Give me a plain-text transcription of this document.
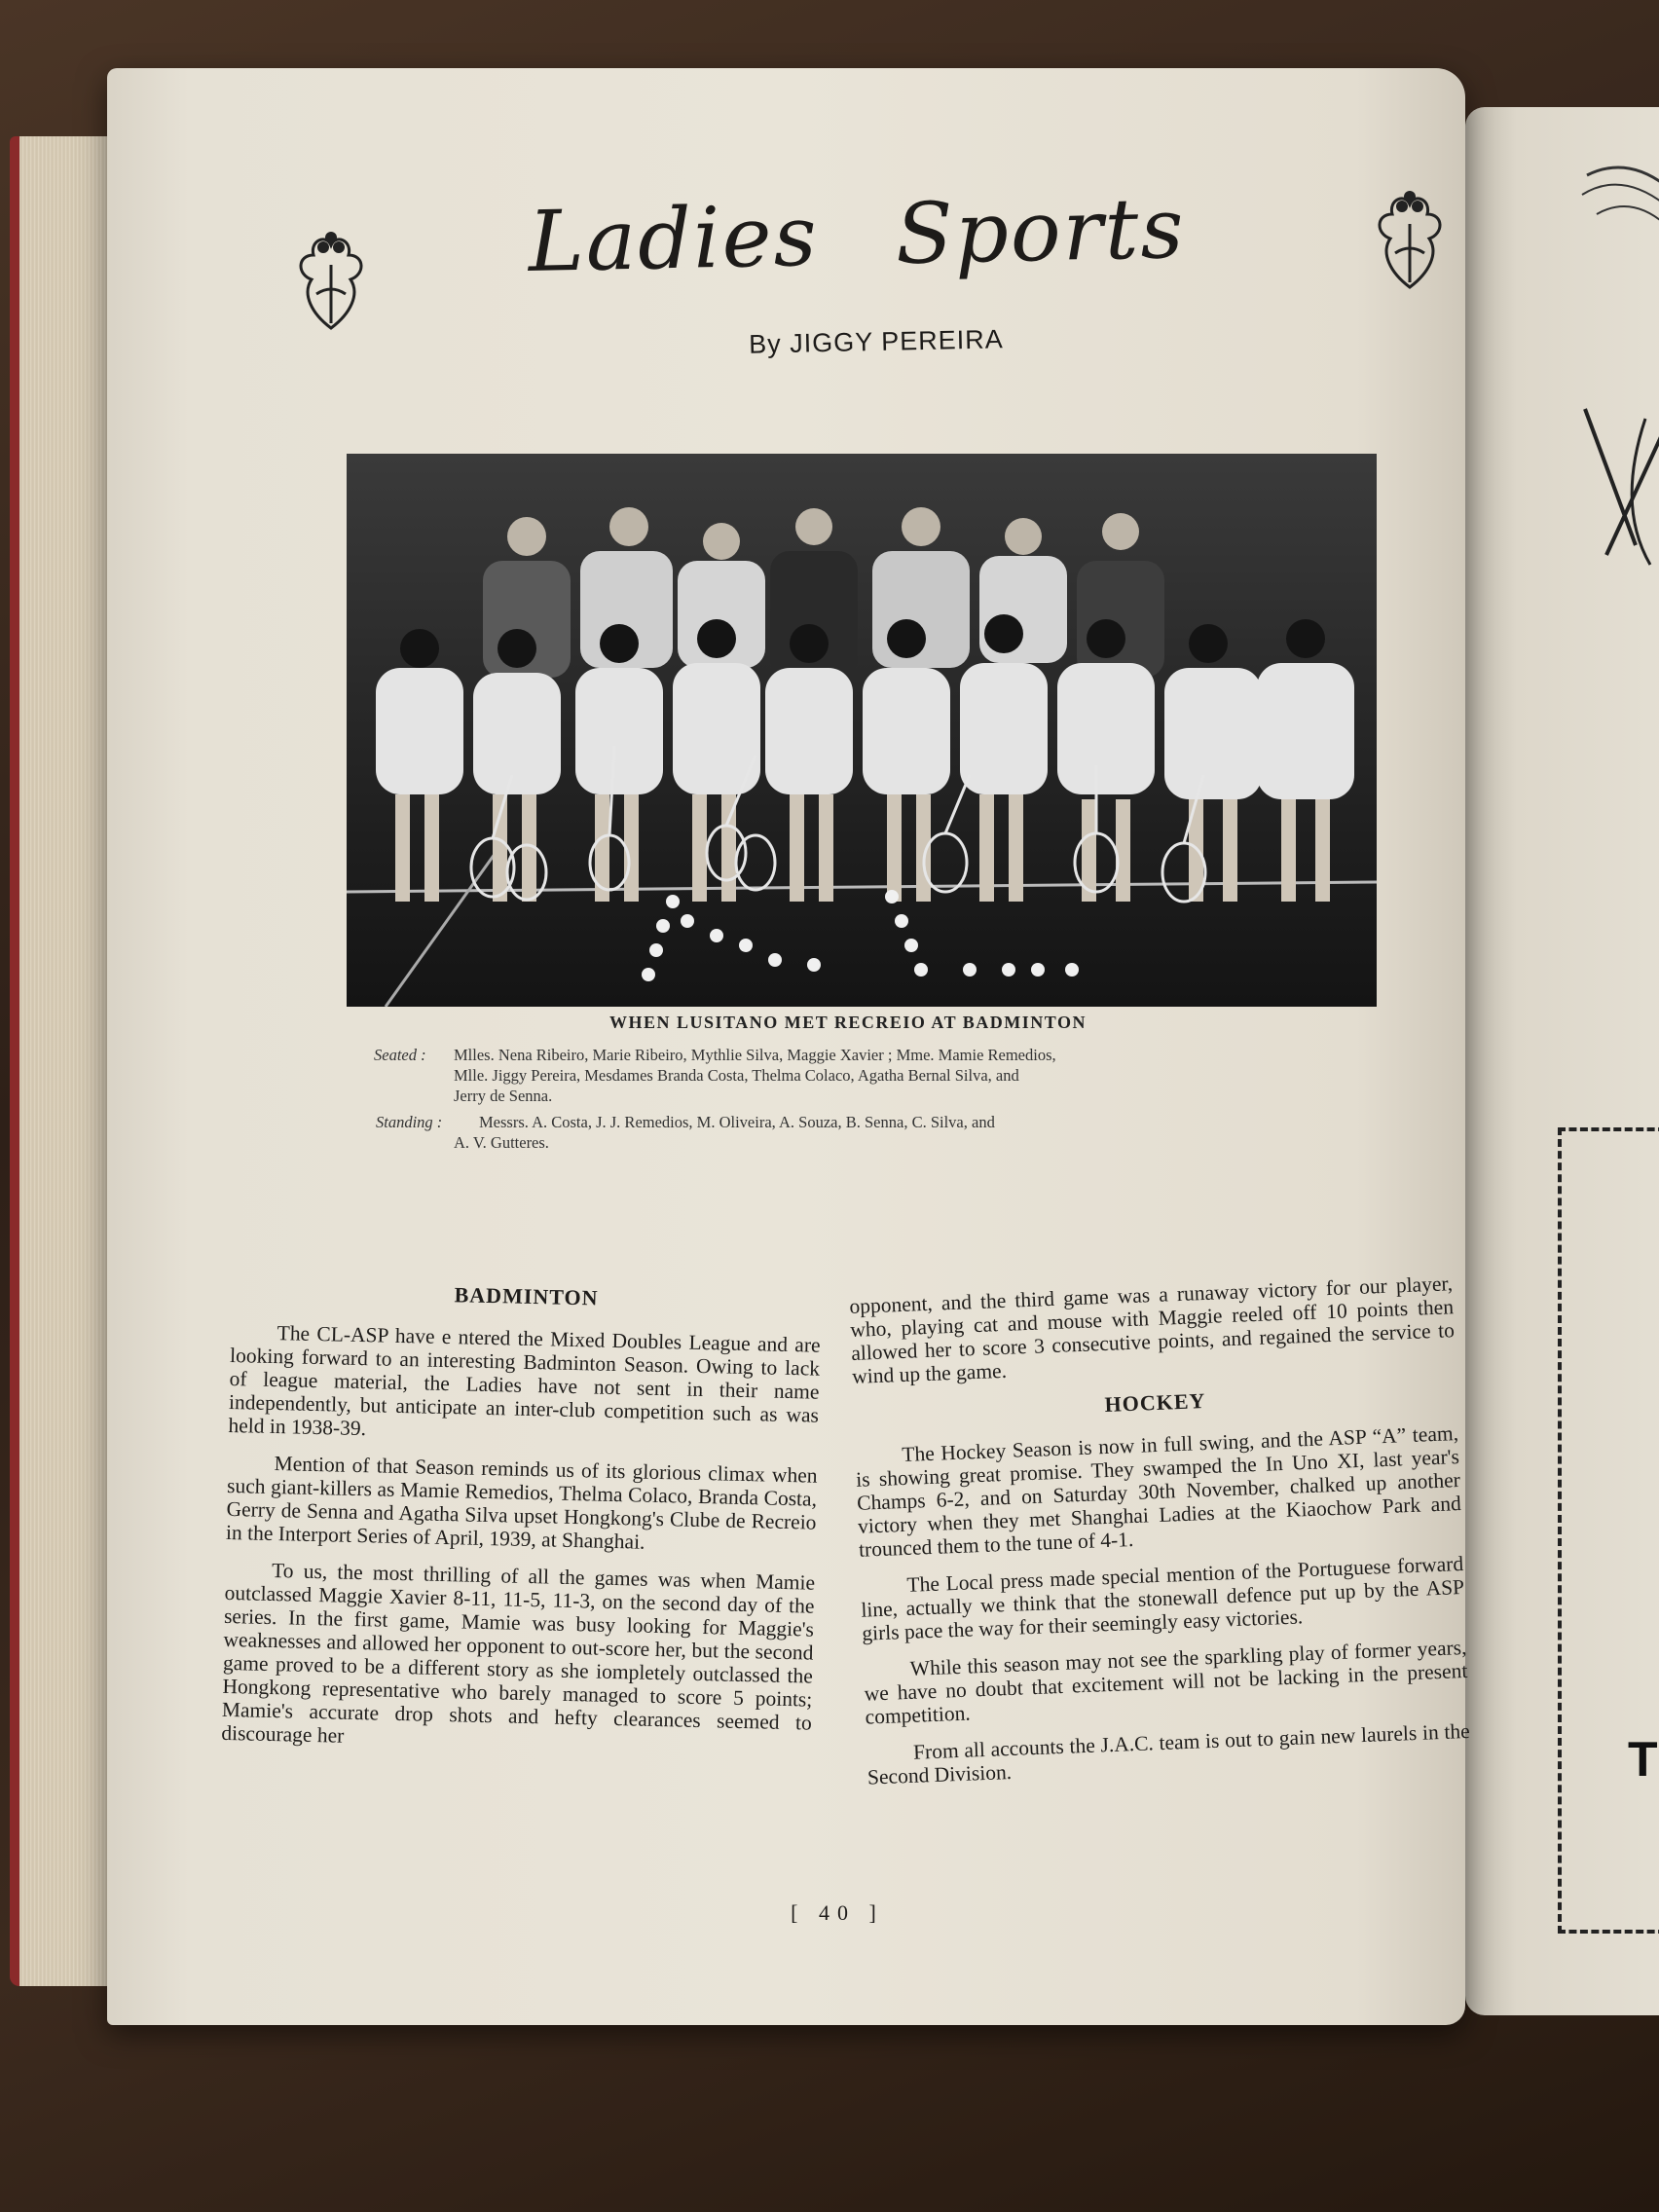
T
Ladies Sports
By JIGGY PEREIRA
WHEN LUSITANO MET RECREIO AT BADMINTON
Seated :	Mlles. Nena Ribeiro, Marie Ribeiro, Mythlie Silva, Maggie Xavier ; Mme. Mamie Remedios,
Mlle. Jiggy Pereira, Mesdames Branda Costa, Thelma Colaco, Agatha Bernal Silva, and
Jerry de Senna.
Standing :	Messrs. A. Costa, J. J. Remedios, M. Oliveira, A. Souza, B. Senna, C. Silva, and
A. V. Gutteres.
BADMINTON

The CL-ASP have e ntered the Mixed Doubles League and are looking forward to an interesting Badminton Season. Owing to lack of league material, the Ladies have not sent in their name independently, but anticipate an inter-club competition such as was held in 1938-39.

Mention of that Season reminds us of its glorious climax when such giant-killers as Mamie Remedios, Thelma Colaco, Branda Costa, Gerry de Senna and Agatha Silva upset Hongkong's Clube de Recreio in the Interport Series of April, 1939, at Shanghai.

To us, the most thrilling of all the games was when Mamie outclassed Maggie Xavier 8-11, 11-5, 11-3, on the second day of the series. In the first game, Mamie was busy looking for Maggie's weaknesses and allowed her opponent to out-score her, but the second game proved to be a different story as she iompletely outclassed the Hongkong representative who barely managed to score 5 points; Mamie's accurate drop shots and hefty clearances seemed to discourage her

opponent, and the third game was a runaway victory for our player, who, playing cat and mouse with Maggie reeled off 10 points then allowed her to score 3 consecutive points, and regained the service to wind up the game.

HOCKEY

The Hockey Season is now in full swing, and the ASP “A” team, is showing great promise. They swamped the In Uno XI, last year's Champs 6-2, and on Saturday 30th November, chalked up another victory when they met Shanghai Ladies at the Kiaochow Park and trounced them to the tune of 4-1.

The Local press made special mention of the Portuguese forward line, actually we think that the stonewall defence put up by the ASP girls pace the way for their seemingly easy victories.

While this season may not see the sparkling play of former years, we have no doubt that excitement will not be lacking in the present competition.

From all accounts the J.A.C. team is out to gain new laurels in the Second Division.

[ 40 ]
